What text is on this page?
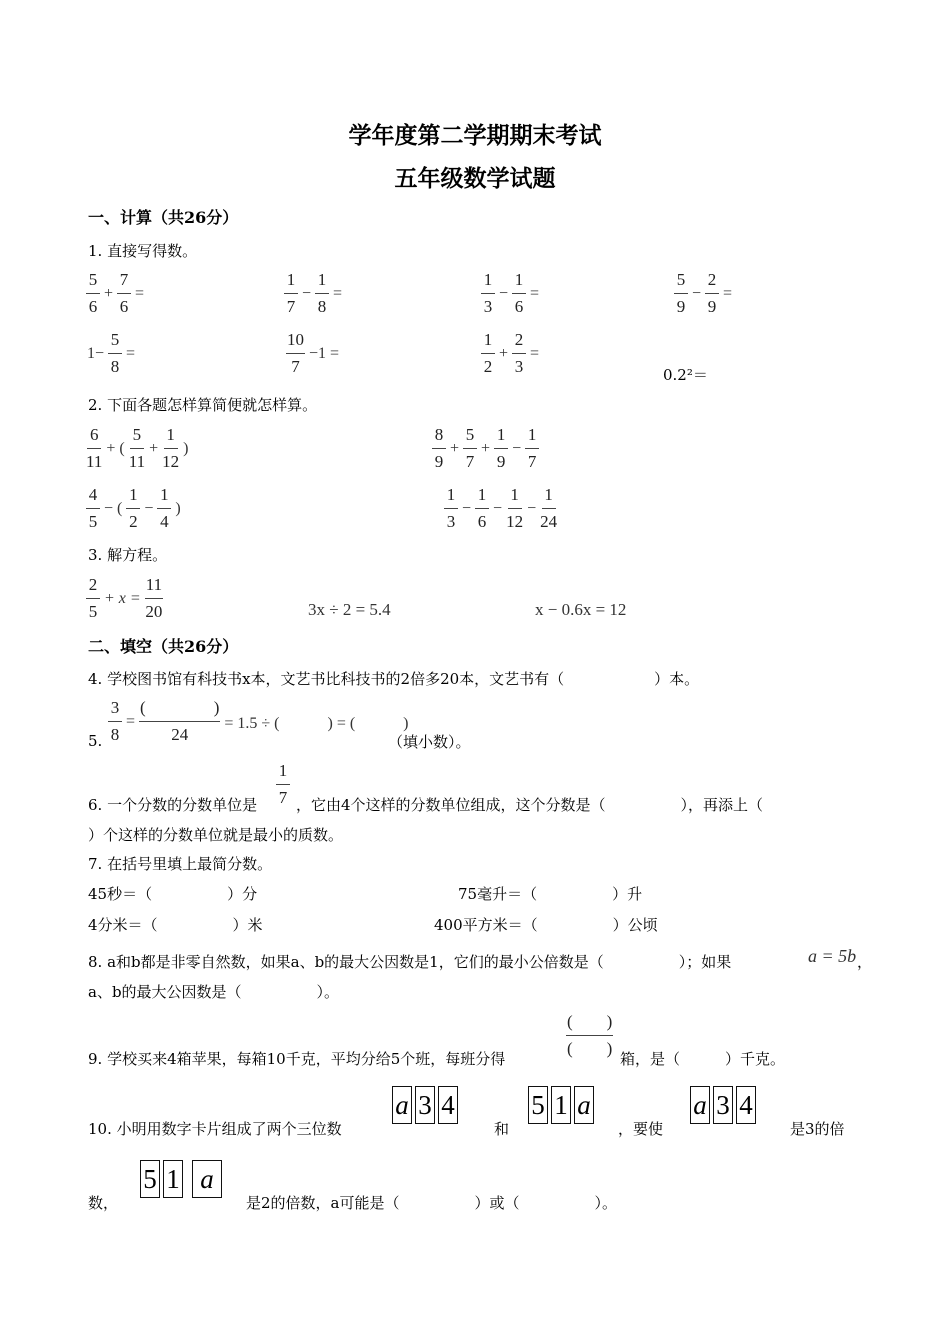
学年度第二学期期末考试
五年级数学试题
一、计算（共26分）
1. 直接写得数。
$\frac{5}{6} + \frac{7}{6}$ =	$\frac{1}{7} - \frac{1}{8}$ =	$\frac{1}{3} - \frac{1}{6}$ =	$\frac{5}{9} - \frac{2}{9}$ =
$1- \frac{5}{8}$ =	$\frac{10}{7} -1$ =	$\frac{1}{2} + \frac{2}{3}$ =
0.2²＝
2. 下面各题怎样算简便就怎样算。
$\frac{6}{11}$ + ( $\frac{5}{11} + \frac{1}{12}$ )	$\frac{8}{9} + \frac{5}{7} + \frac{1}{9} - \frac{1}{7}$
$\frac{4}{5}$ − ( $\frac{1}{2} - \frac{1}{4}$ )	$\frac{1}{3} - \frac{1}{6} - \frac{1}{12} - \frac{1}{24}$
3. 解方程。
$\frac{2}{5} + x = \frac{11}{20}$	3x ÷ 2 = 5.4	x − 0.6x = 12
二、填空（共26分）
4. 学校图书馆有科技书x本，文艺书比科技书的2倍多20本，文艺书有（　　　　　　）本。
5. $\frac{3}{8} = \frac{( )}{24} = 1.5$ ÷ (　　　) = (　　　)
（填小数）。
6. 一个分数的分数单位是 $\frac{1}{7}$ ，它由4个这样的分数单位组成，这个分数是（　　　　　），再添上（
）个这样的分数单位就是最小的质数。
7. 在括号里填上最简分数。
45秒＝（　　　　　）分	75毫升＝（　　　　　）升
4分米＝（　　　　　）米	400平方米＝（　　　　　）公顷
8. a和b都是非零自然数，如果a、b的最大公因数是1，它们的最小公倍数是（　　　　　）；如果	a = 5b ，
a、b的最大公因数是（　　　　　）。
9. 学校买来4箱苹果，每箱10千克，平均分给5个班，每班分得	$\frac{( )}{( )}$ 箱，是（　　　）千克。
10. 小明用数字卡片组成了两个三位数
a 3 4
和
5 1 a
，要使
a 3 4
是3的倍
数，
5 1 a
是2的倍数，a可能是（　　　　　）或（　　　　　）。
